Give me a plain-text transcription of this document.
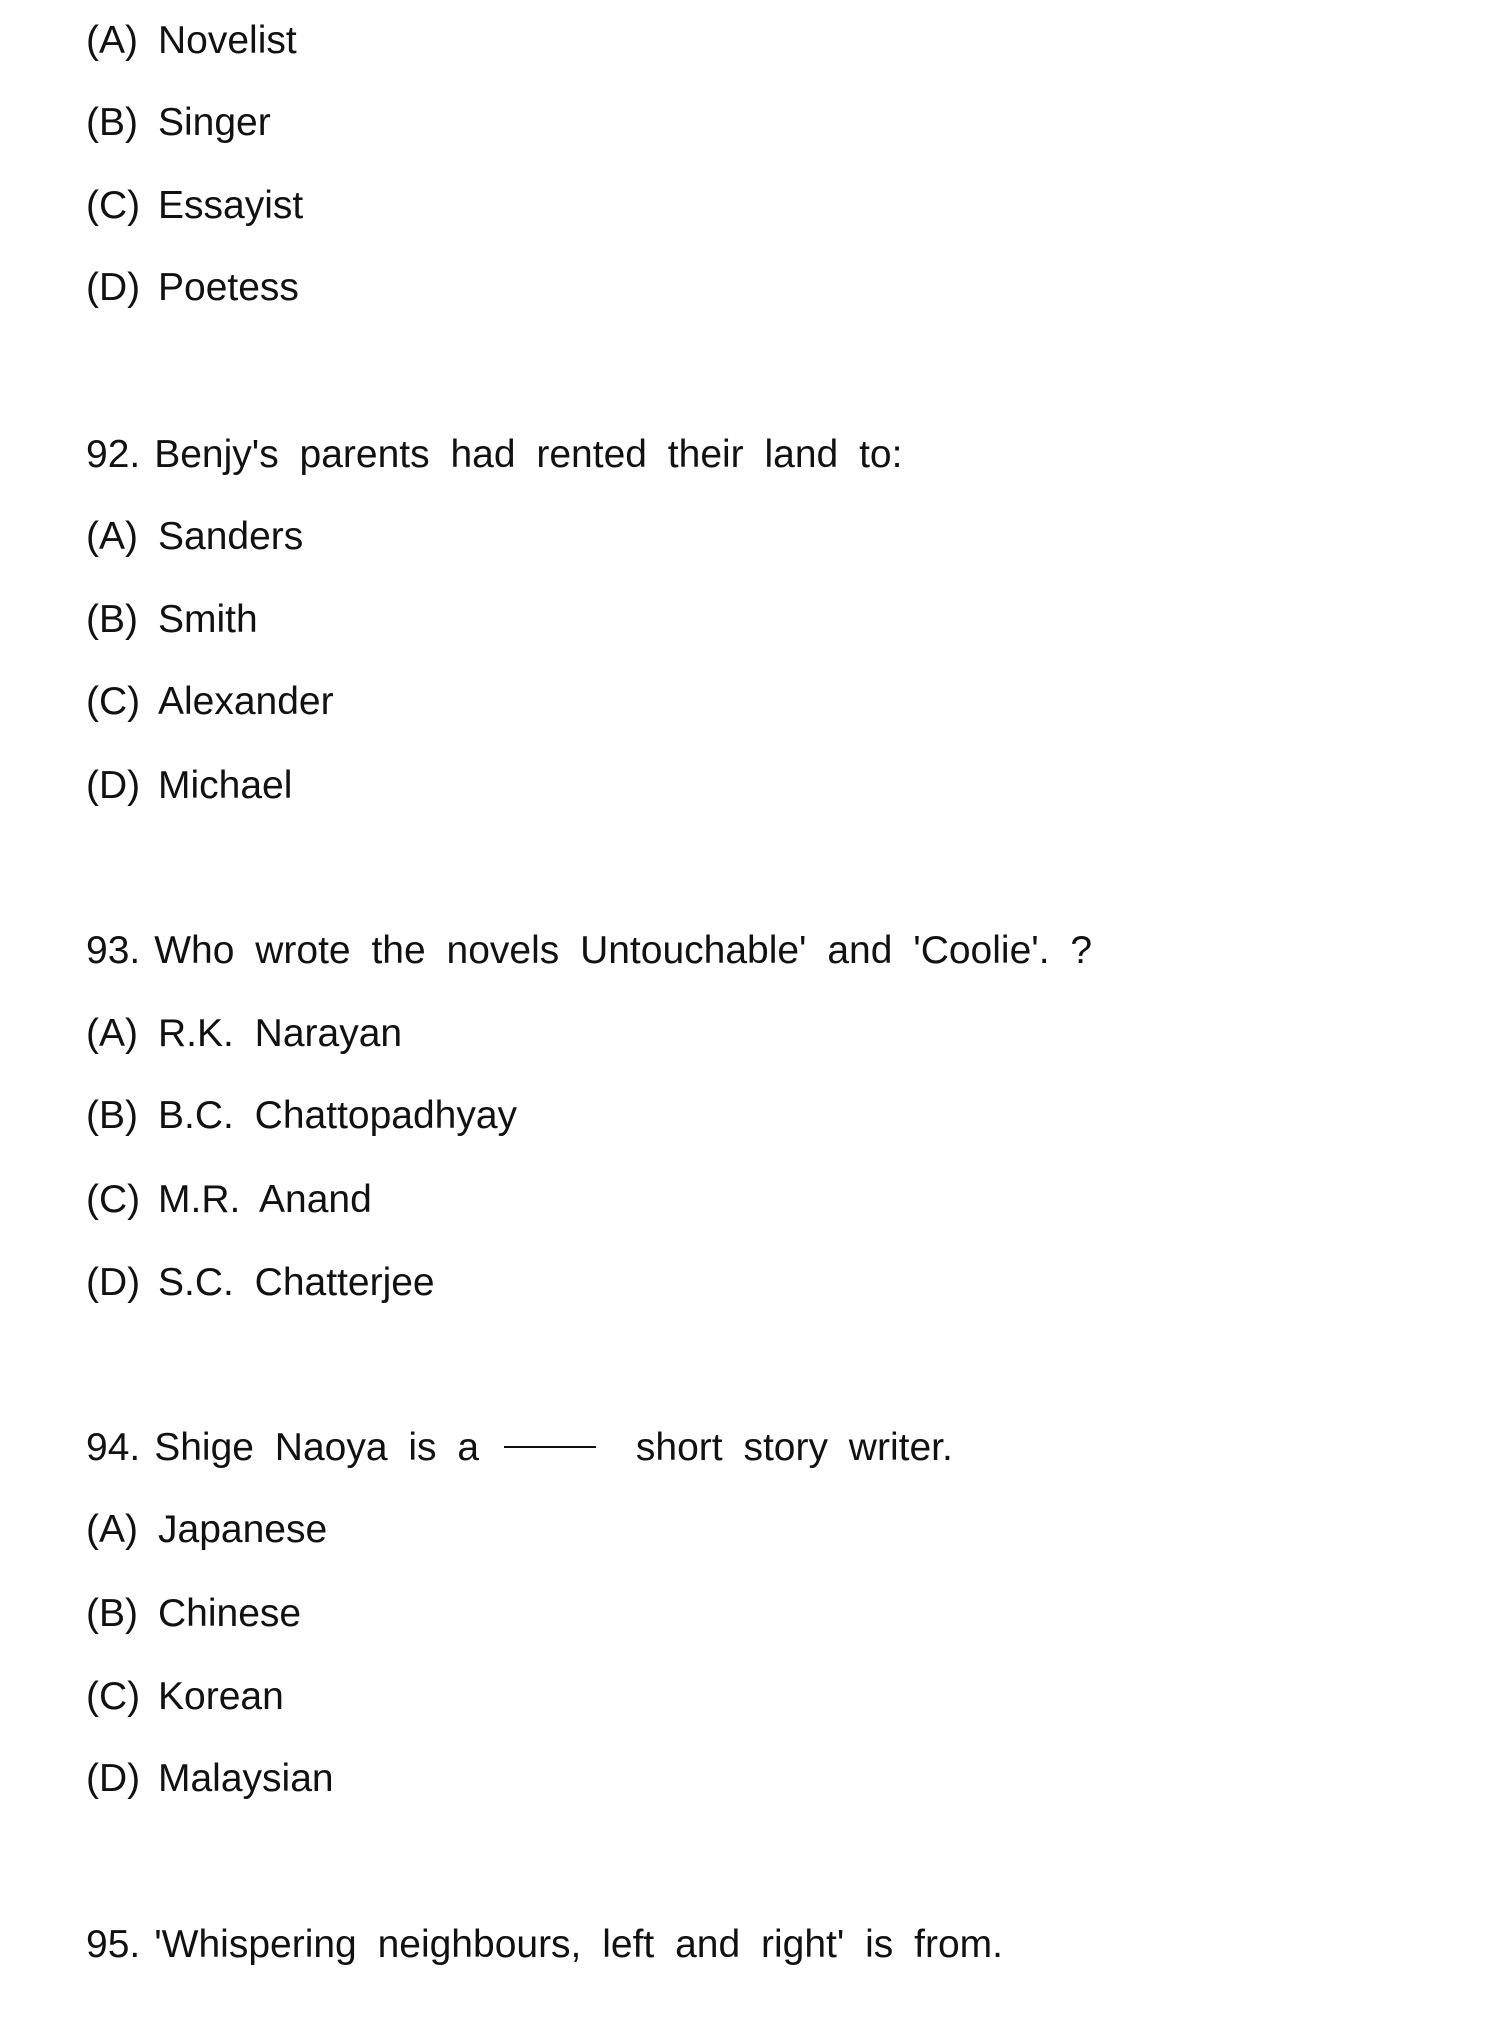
(A) Novelist
(B) Singer
(C) Essayist
(D) Poetess
92. Benjy's parents had rented their land to:
(A) Sanders
(B) Smith
(C) Alexander
(D) Michael
93. Who wrote the novels Untouchable' and 'Coolie'. ?
(A) R.K. Narayan
(B) B.C. Chattopadhyay
(C) M.R. Anand
(D) S.C. Chatterjee
94. Shige Naoya is a	short story writer.
(A) Japanese
(B) Chinese
(C) Korean
(D) Malaysian
95. 'Whispering neighbours, left and right' is from.
